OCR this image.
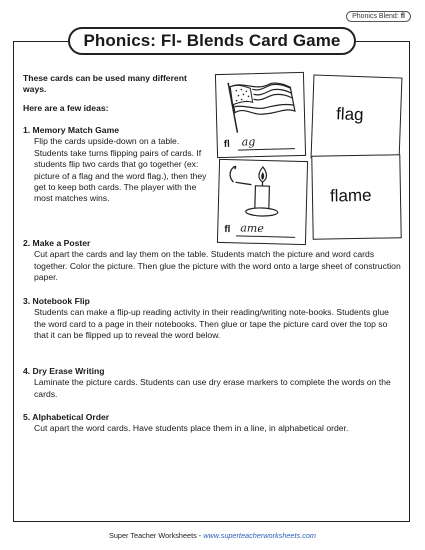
Phonics Blend: fl
Phonics: Fl- Blends Card Game
These cards can be used many different ways.
Here are a few ideas:
1. Memory Match Game
Flip the cards upside-down on a table. Students take turns flipping pairs of cards. If students flip two cards that go together (ex: picture of a flag and the word flag.), then they get to keep both cards. The player with the most matches wins.
2. Make a Poster
Cut apart the cards and lay them on the table. Students match the picture and word cards together. Color the picture. Then glue the picture with the word onto a large sheet of construction paper.
3. Notebook Flip
Students can make a flip-up reading activity in their reading/writing note-books. Students glue the word card to a page in their notebooks. Then glue or tape the picture card over the top so that it can be flipped up to reveal the word below.
4. Dry Erase Writing
Laminate the picture cards. Students can use dry erase markers to complete the words on the cards.
5. Alphabetical Order
Cut apart the word cards. Have students place them in a line, in alphabetical order.
fl ag
flag
fl ame
flame
Super Teacher Worksheets - www.superteacherworksheets.com
